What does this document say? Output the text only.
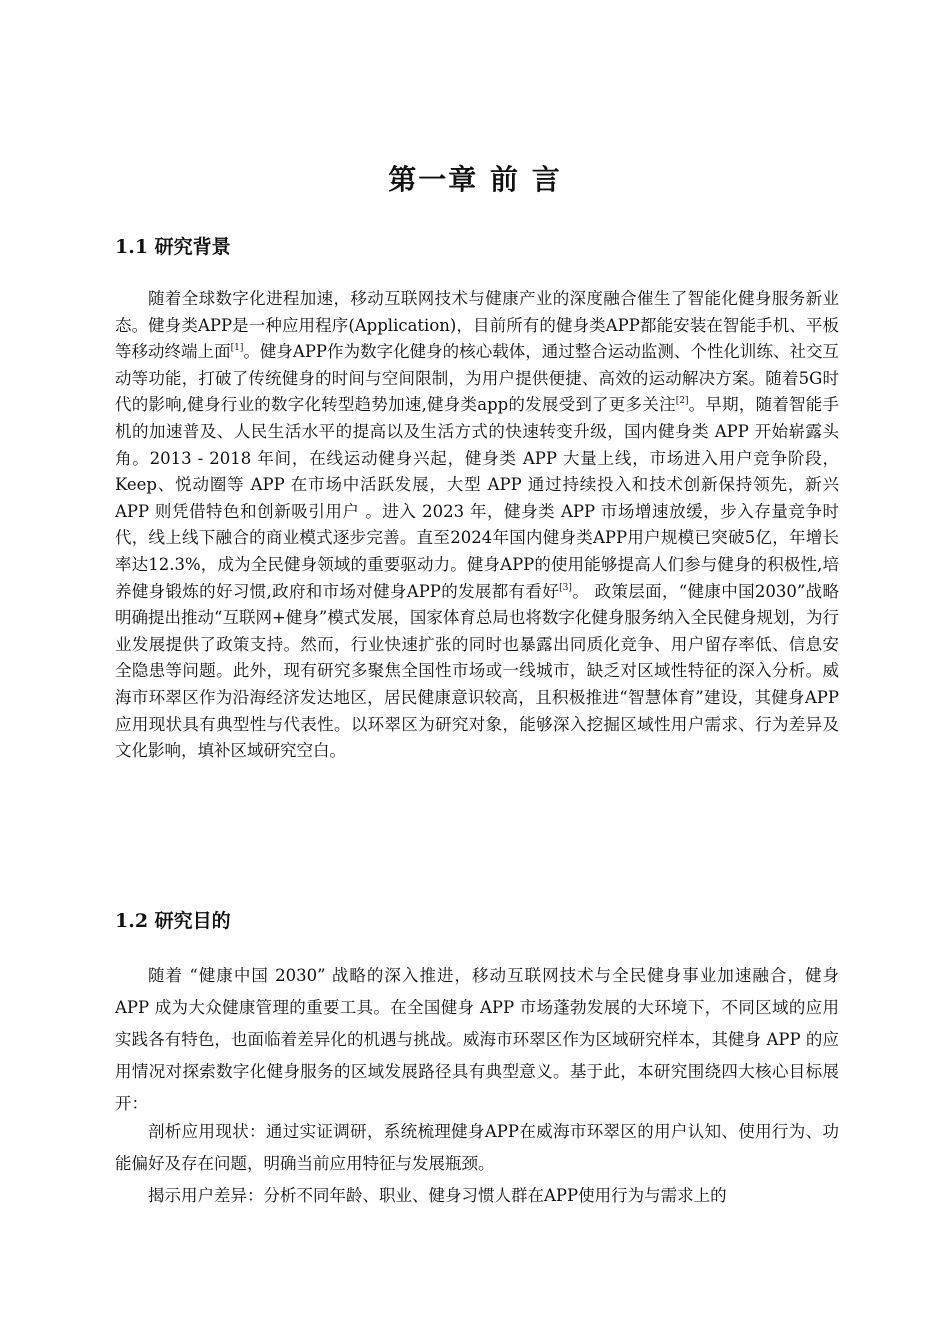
第一章 前 言
1.1 研究背景

随着全球数字化进程加速，移动互联网技术与健康产业的深度融合催生了智能化健身服务新业态。健身类APP是一种应用程序(Application)，目前所有的健身类APP都能安装在智能手机、平板等移动终端上面[1]。健身APP作为数字化健身的核心载体，通过整合运动监测、个性化训练、社交互动等功能，打破了传统健身的时间与空间限制，为用户提供便捷、高效的运动解决方案。随着5G时代的影响,健身行业的数字化转型趋势加速,健身类app的发展受到了更多关注[2]。早期，随着智能手机的加速普及、人民生活水平的提高以及生活方式的快速转变升级，国内健身类 APP 开始崭露头角。2013 - 2018 年间，在线运动健身兴起，健身类 APP 大量上线，市场进入用户竞争阶段，Keep、悦动圈等 APP 在市场中活跃发展，大型 APP 通过持续投入和技术创新保持领先，新兴 APP 则凭借特色和创新吸引用户 。进入 2023 年，健身类 APP 市场增速放缓，步入存量竞争时代，线上线下融合的商业模式逐步完善。直至2024年国内健身类APP用户规模已突破5亿，年增长率达12.3%，成为全民健身领域的重要驱动力。健身APP的使用能够提高人们参与健身的积极性,培养健身锻炼的好习惯,政府和市场对健身APP的发展都有看好[3]。 政策层面，“健康中国2030”战略明确提出推动“互联网+健身”模式发展，国家体育总局也将数字化健身服务纳入全民健身规划，为行业发展提供了政策支持。然而，行业快速扩张的同时也暴露出同质化竞争、用户留存率低、信息安全隐患等问题。此外，现有研究多聚焦全国性市场或一线城市，缺乏对区域性特征的深入分析。威海市环翠区作为沿海经济发达地区，居民健康意识较高，且积极推进“智慧体育”建设，其健身APP应用现状具有典型性与代表性。以环翠区为研究对象，能够深入挖掘区域性用户需求、行为差异及文化影响，填补区域研究空白。

1.2 研究目的

随着 “健康中国 2030” 战略的深入推进，移动互联网技术与全民健身事业加速融合，健身 APP 成为大众健康管理的重要工具。在全国健身 APP 市场蓬勃发展的大环境下，不同区域的应用实践各有特色，也面临着差异化的机遇与挑战。威海市环翠区作为区域研究样本，其健身 APP 的应用情况对探索数字化健身服务的区域发展路径具有典型意义。基于此，本研究围绕四大核心目标展开：

剖析应用现状：通过实证调研，系统梳理健身APP在威海市环翠区的用户认知、使用行为、功能偏好及存在问题，明确当前应用特征与发展瓶颈。

揭示用户差异：分析不同年龄、职业、健身习惯人群在APP使用行为与需求上的
